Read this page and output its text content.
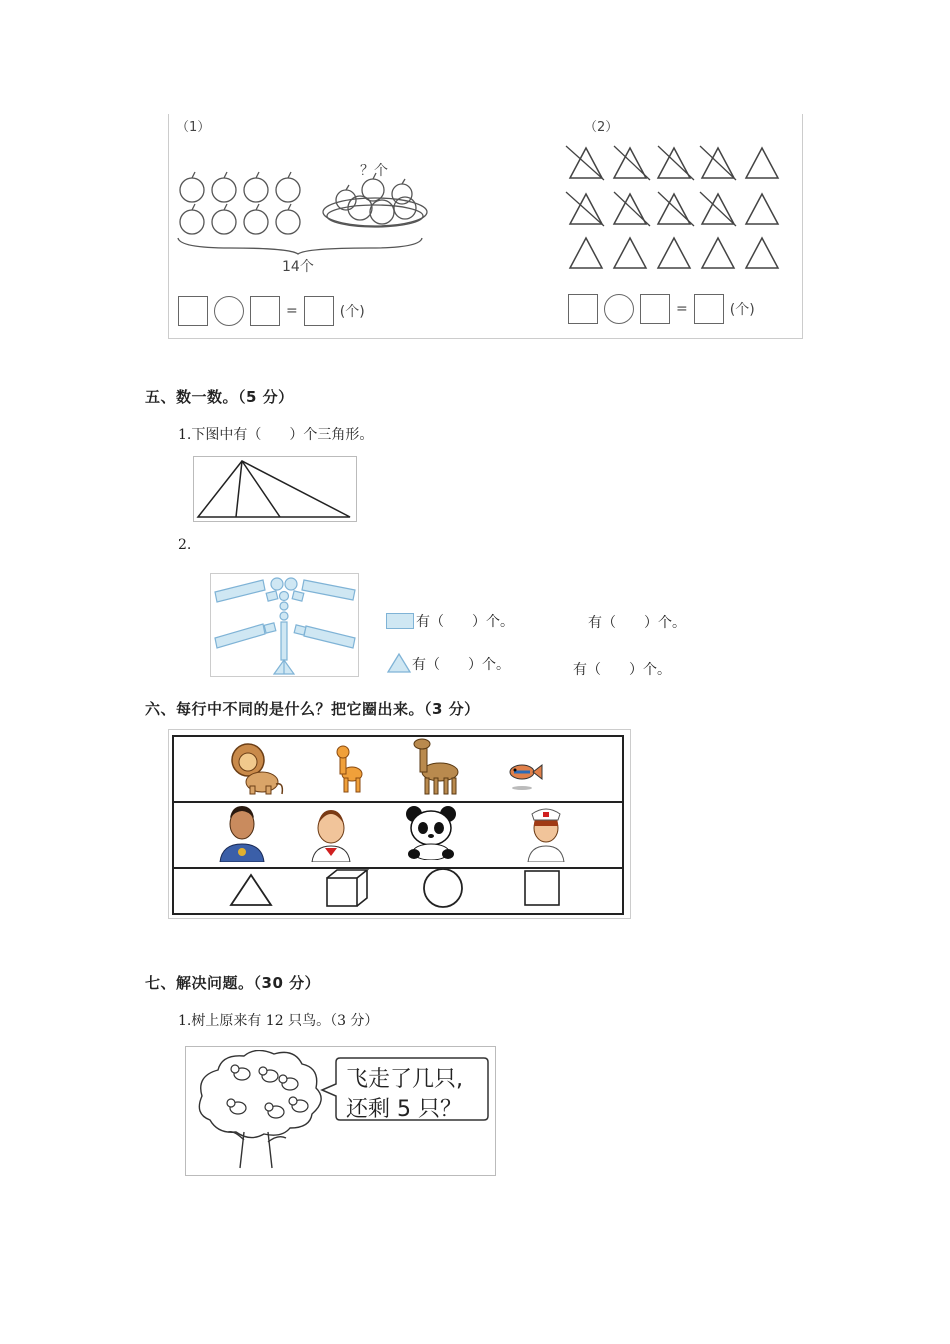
（1）	（2）
？个
14个
=	(个)	=	(个)
五、数一数。（5 分）
1.下图中有（　　）个三角形。
2.
有（　　）个。	有（　　）个。
有（　　）个。	有（　　）个。
六、每行中不同的是什么？把它圈出来。（3 分）
七、解决问题。（30 分）
1.树上原来有 12 只鸟。（3 分）
飞走了几只,
还剩 5 只？
